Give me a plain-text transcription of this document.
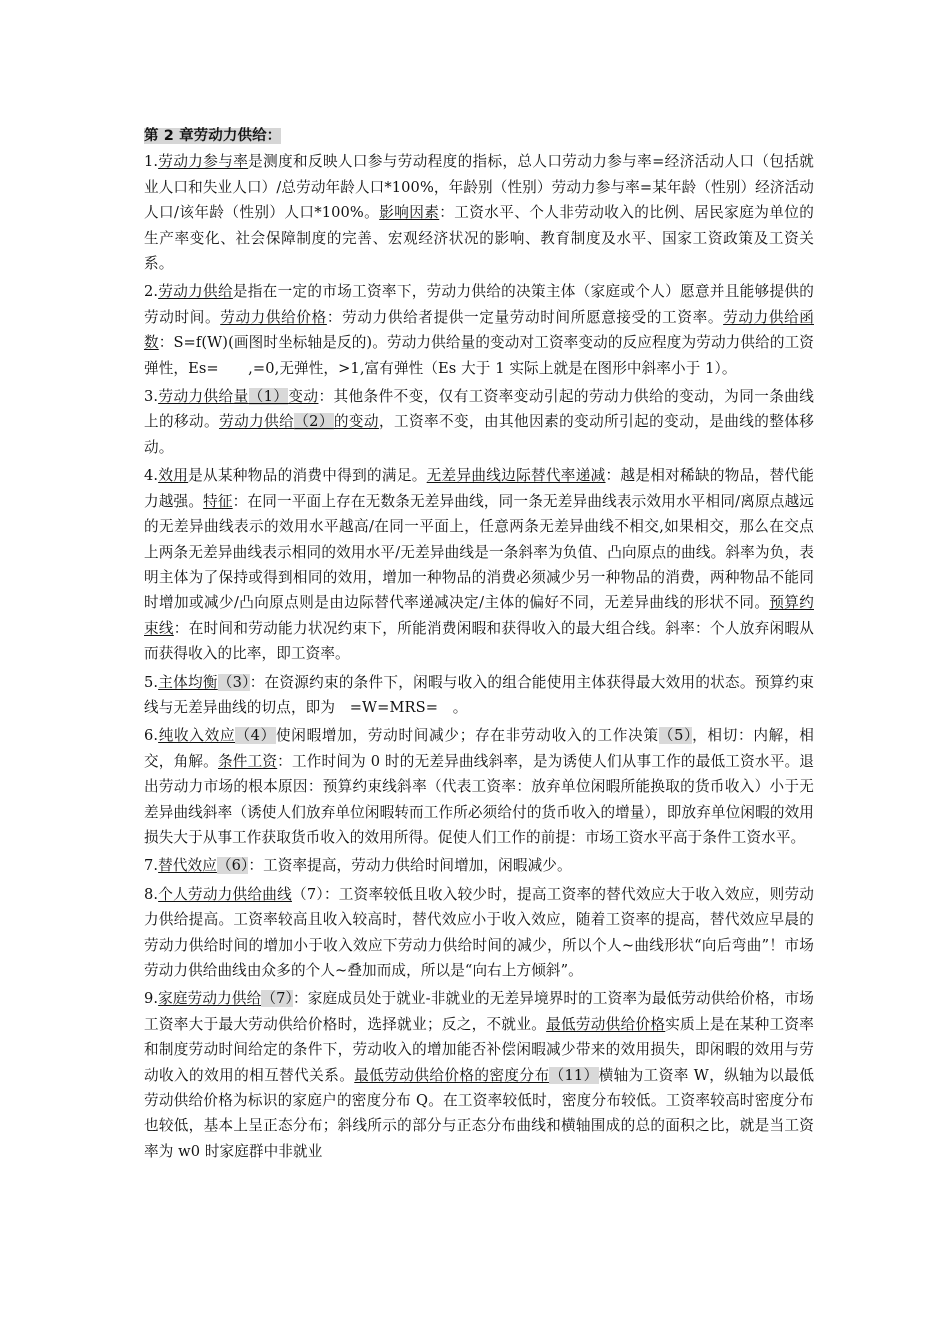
第 2 章劳动力供给：
1.劳动力参与率是测度和反映人口参与劳动程度的指标，总人口劳动力参与率=经济活动人口（包括就业人口和失业人口）/总劳动年龄人口*100%，年龄别（性别）劳动力参与率=某年龄（性别）经济活动人口/该年龄（性别）人口*100%。影响因素：工资水平、个人非劳动收入的比例、居民家庭为单位的生产率变化、社会保障制度的完善、宏观经济状况的影响、教育制度及水平、国家工资政策及工资关系。
2.劳动力供给是指在一定的市场工资率下，劳动力供给的决策主体（家庭或个人）愿意并且能够提供的劳动时间。劳动力供给价格：劳动力供给者提供一定量劳动时间所愿意接受的工资率。劳动力供给函数：S=f(W)(画图时坐标轴是反的)。劳动力供给量的变动对工资率变动的反应程度为劳动力供给的工资弹性，Es=　　,=0,无弹性，>1,富有弹性（Es 大于 1 实际上就是在图形中斜率小于 1）。
3.劳动力供给量（1）变动：其他条件不变，仅有工资率变动引起的劳动力供给的变动，为同一条曲线上的移动。劳动力供给（2）的变动，工资率不变，由其他因素的变动所引起的变动，是曲线的整体移动。
4.效用是从某种物品的消费中得到的满足。无差异曲线边际替代率递减：越是相对稀缺的物品，替代能力越强。特征：在同一平面上存在无数条无差异曲线，同一条无差异曲线表示效用水平相同/离原点越远的无差异曲线表示的效用水平越高/在同一平面上，任意两条无差异曲线不相交,如果相交，那么在交点上两条无差异曲线表示相同的效用水平/无差异曲线是一条斜率为负值、凸向原点的曲线。斜率为负，表明主体为了保持或得到相同的效用，增加一种物品的消费必须减少另一种物品的消费，两种物品不能同时增加或减少/凸向原点则是由边际替代率递减决定/主体的偏好不同，无差异曲线的形状不同。预算约束线：在时间和劳动能力状况约束下，所能消费闲暇和获得收入的最大组合线。斜率：个人放弃闲暇从而获得收入的比率，即工资率。
5.主体均衡（3）：在资源约束的条件下，闲暇与收入的组合能使用主体获得最大效用的状态。预算约束线与无差异曲线的切点，即为　=W=MRS=　。
6.纯收入效应（4）使闲暇增加，劳动时间减少；存在非劳动收入的工作决策（5），相切：内解，相交，角解。条件工资：工作时间为 0 时的无差异曲线斜率，是为诱使人们从事工作的最低工资水平。退出劳动力市场的根本原因：预算约束线斜率（代表工资率：放弃单位闲暇所能换取的货币收入）小于无差异曲线斜率（诱使人们放弃单位闲暇转而工作所必须给付的货币收入的增量），即放弃单位闲暇的效用损失大于从事工作获取货币收入的效用所得。促使人们工作的前提：市场工资水平高于条件工资水平。
7.替代效应（6）：工资率提高，劳动力供给时间增加，闲暇减少。
8.个人劳动力供给曲线（7）：工资率较低且收入较少时，提高工资率的替代效应大于收入效应，则劳动力供给提高。工资率较高且收入较高时，替代效应小于收入效应，随着工资率的提高，替代效应早晨的劳动力供给时间的增加小于收入效应下劳动力供给时间的减少，所以个人~曲线形状“向后弯曲”！市场劳动力供给曲线由众多的个人~叠加而成，所以是“向右上方倾斜”。
9.家庭劳动力供给（7）：家庭成员处于就业-非就业的无差异境界时的工资率为最低劳动供给价格，市场工资率大于最大劳动供给价格时，选择就业；反之，不就业。最低劳动供给价格实质上是在某种工资率和制度劳动时间给定的条件下，劳动收入的增加能否补偿闲暇减少带来的效用损失，即闲暇的效用与劳动收入的效用的相互替代关系。最低劳动供给价格的密度分布（11）横轴为工资率 W，纵轴为以最低劳动供给价格为标识的家庭户的密度分布 Q。在工资率较低时，密度分布较低。工资率较高时密度分布也较低，基本上呈正态分布；斜线所示的部分与正态分布曲线和横轴围成的总的面积之比，就是当工资率为 w0 时家庭群中非就业
